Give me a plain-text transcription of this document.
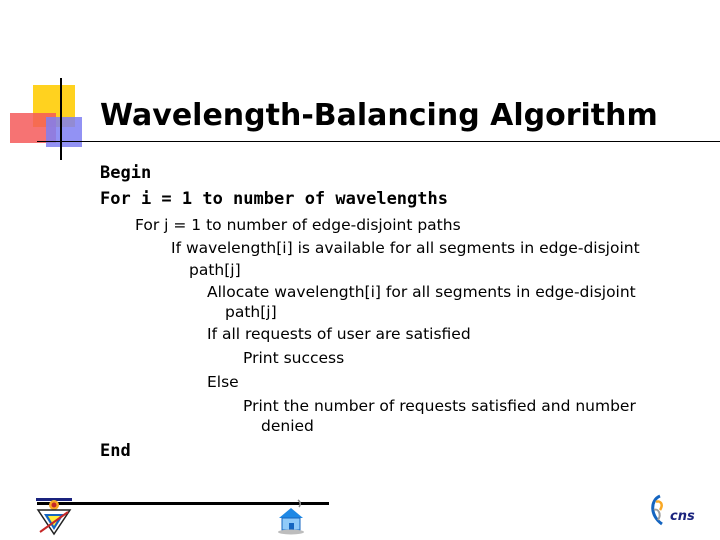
Wavelength-Balancing Algorithm

Begin

For i = 1 to number of wavelengths

For j = 1 to number of edge-disjoint paths

If wavelength[i] is available for all segments in edge-disjoint

path[j]

Allocate wavelength[i] for all segments in edge-disjoint

path[j]

If all requests of user are satisfied

Print success

Else

Print the number of requests satisfied and number

denied

End

cns
